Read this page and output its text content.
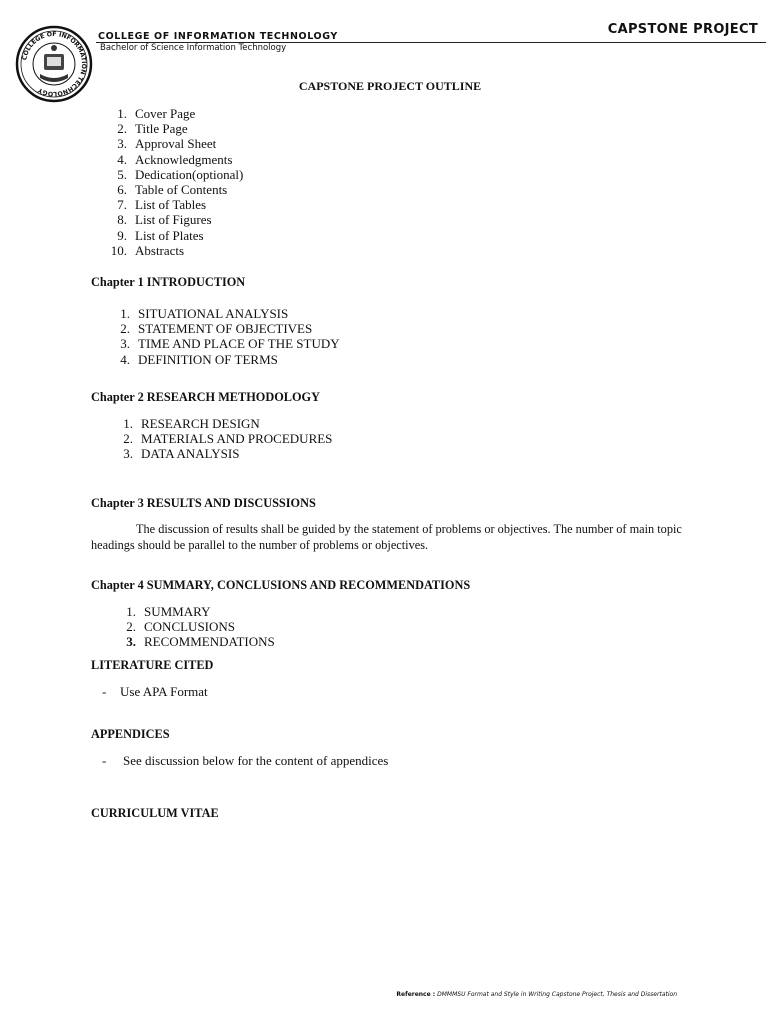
COLLEGE OF INFORMATION TECHNOLOGY
COLLEGE OF INFORMATION TECHNOLOGY
Bachelor of Science Information Technology
CAPSTONE PROJECT
CAPSTONE PROJECT OUTLINE
1. Cover Page
2. Title Page
3. Approval Sheet
4. Acknowledgments
5. Dedication(optional)
6. Table of Contents
7. List of Tables
8. List of Figures
9. List of Plates
10. Abstracts
Chapter 1 INTRODUCTION
1. SITUATIONAL ANALYSIS
2. STATEMENT OF OBJECTIVES
3. TIME AND PLACE OF THE STUDY
4. DEFINITION OF TERMS
Chapter 2 RESEARCH METHODOLOGY
1. RESEARCH DESIGN
2. MATERIALS AND PROCEDURES
3. DATA ANALYSIS
Chapter 3 RESULTS AND DISCUSSIONS
The discussion of results shall be guided by the statement of problems or objectives. The number of main topic headings should be parallel to the number of problems or objectives.
Chapter 4 SUMMARY, CONCLUSIONS AND RECOMMENDATIONS
1. SUMMARY
2. CONCLUSIONS
3. RECOMMENDATIONS
LITERATURE CITED
- Use APA Format
APPENDICES
- See discussion below for the content of appendices
CURRICULUM VITAE
Reference : DMMMSU Format and Style in Writing Capstone Project, Thesis and Dissertation
